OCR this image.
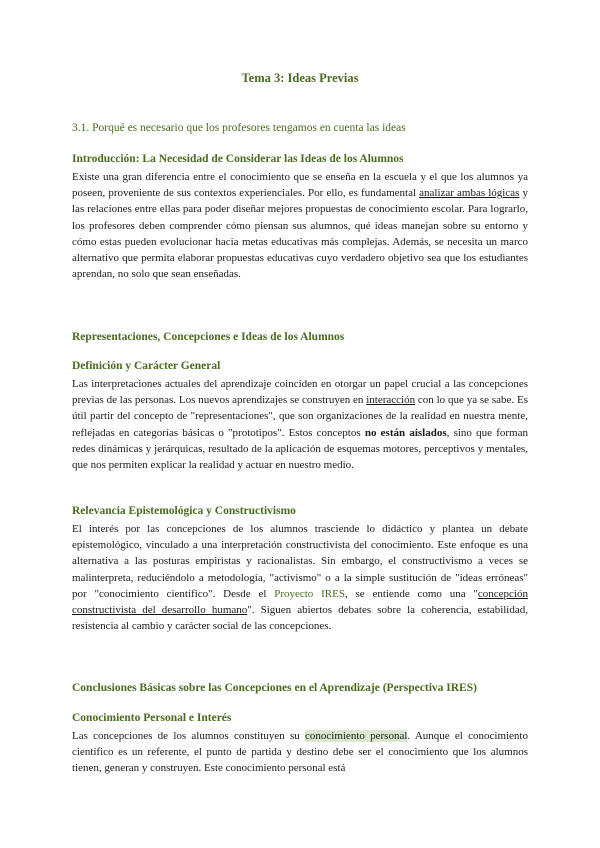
Tema 3: Ideas Previas
3.1. Porqué es necesario que los profesores tengamos en cuenta las ideas
Introducción: La Necesidad de Considerar las Ideas de los Alumnos
Existe una gran diferencia entre el conocimiento que se enseña en la escuela y el que los alumnos ya poseen, proveniente de sus contextos experienciales. Por ello, es fundamental analizar ambas lógicas y las relaciones entre ellas para poder diseñar mejores propuestas de conocimiento escolar. Para lograrlo, los profesores deben comprender cómo piensan sus alumnos, qué ideas manejan sobre su entorno y cómo estas pueden evolucionar hacia metas educativas más complejas. Además, se necesita un marco alternativo que permita elaborar propuestas educativas cuyo verdadero objetivo sea que los estudiantes aprendan, no solo que sean enseñadas.
Representaciones, Concepciones e Ideas de los Alumnos
Definición y Carácter General
Las interpretaciones actuales del aprendizaje coinciden en otorgar un papel crucial a las concepciones previas de las personas. Los nuevos aprendizajes se construyen en interacción con lo que ya se sabe. Es útil partir del concepto de "representaciones", que son organizaciones de la realidad en nuestra mente, reflejadas en categorías básicas o "prototipos". Estos conceptos no están aislados, sino que forman redes dinámicas y jerárquicas, resultado de la aplicación de esquemas motores, perceptivos y mentales, que nos permiten explicar la realidad y actuar en nuestro medio.
Relevancia Epistemológica y Constructivismo
El interés por las concepciones de los alumnos trasciende lo didáctico y plantea un debate epistemológico, vinculado a una interpretación constructivista del conocimiento. Este enfoque es una alternativa a las posturas empiristas y racionalistas. Sin embargo, el constructivismo a veces se malinterpreta, reduciéndolo a metodología, "activismo" o a la simple sustitución de "ideas erróneas" por "conocimiento científico". Desde el Proyecto IRES, se entiende como una "concepción constructivista del desarrollo humano". Siguen abiertos debates sobre la coherencia, estabilidad, resistencia al cambio y carácter social de las concepciones.
Conclusiones Básicas sobre las Concepciones en el Aprendizaje (Perspectiva IRES)
Conocimiento Personal e Interés
Las concepciones de los alumnos constituyen su conocimiento personal. Aunque el conocimiento científico es un referente, el punto de partida y destino debe ser el conocimiento que los alumnos tienen, generan y construyen. Este conocimiento personal está
